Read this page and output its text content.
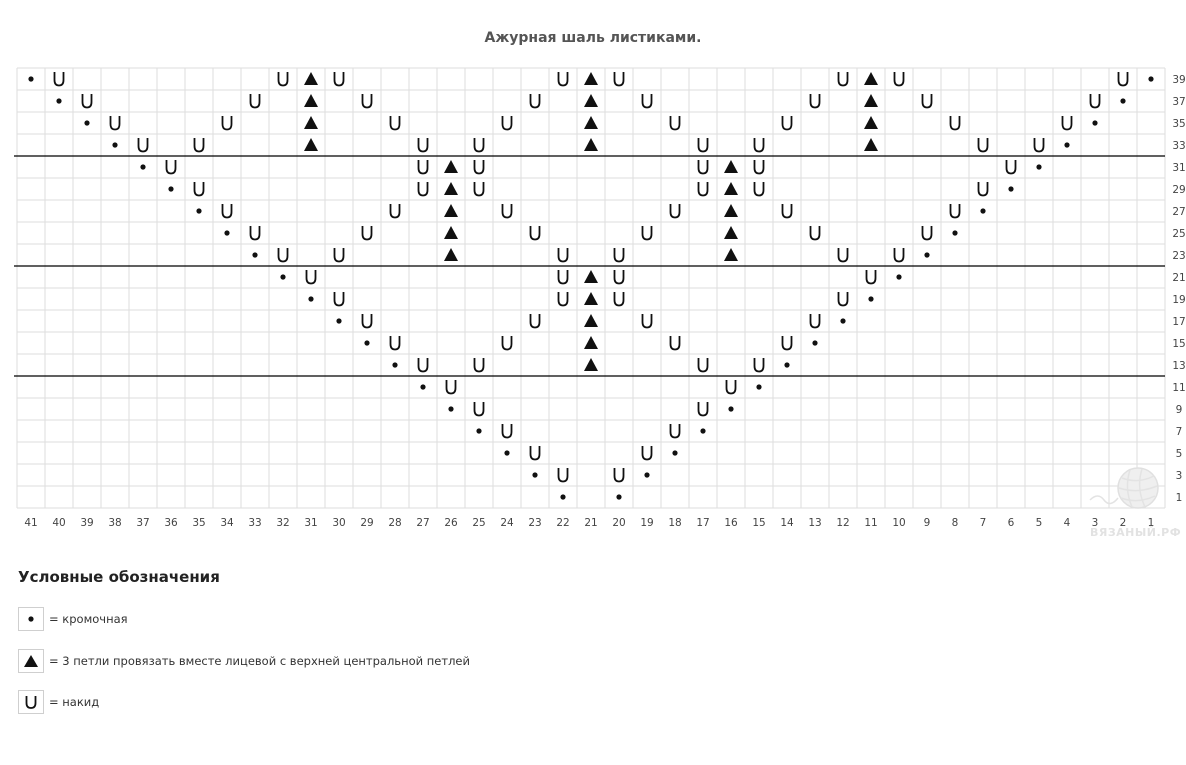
Ажурная шаль листиками.
39
37
35
33
31
29
27
25
23
21
19
17
15
13
11
9
7
5
3
1
41 40 39 38 37 36 35 34 33 32 31 30 29 28 27 26 25 24 23 22 21 20 19 18 17 16 15 14 13 12 11 10 9 8 7 6 5 4 3 2 1
Условные обозначения
= кромочная
= 3 петли провязать вместе лицевой с верхней центральной петлей
= накид
ВЯЗАНЫЙ.РФ
